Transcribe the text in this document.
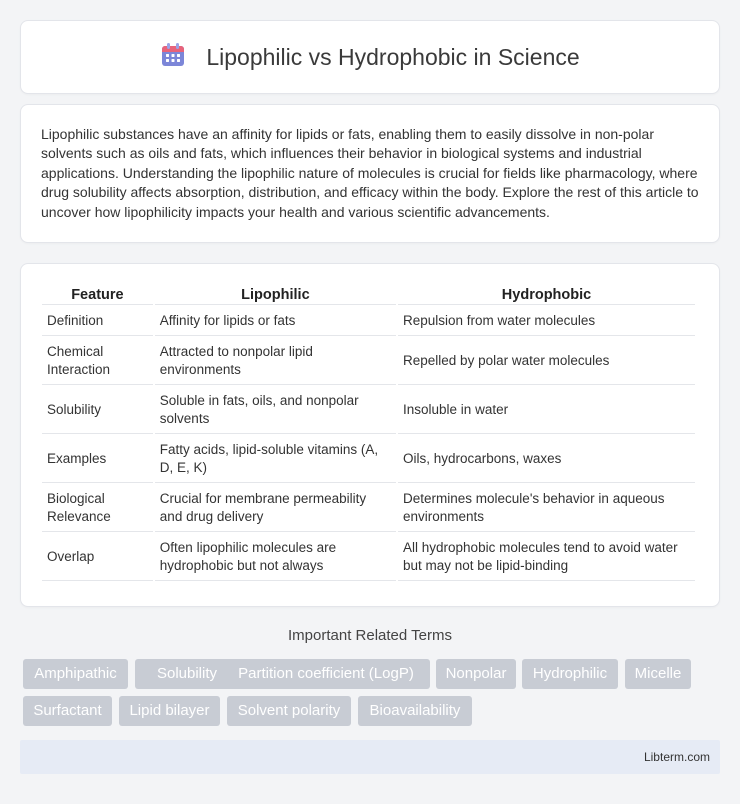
Lipophilic vs Hydrophobic in Science

Lipophilic substances have an affinity for lipids or fats, enabling them to easily dissolve in non-polar solvents such as oils and fats, which influences their behavior in biological systems and industrial applications. Understanding the lipophilic nature of molecules is crucial for fields like pharmacology, where drug solubility affects absorption, distribution, and efficacy within the body. Explore the rest of this article to uncover how lipophilicity impacts your health and various scientific advancements.

Feature	Lipophilic	Hydrophobic
Definition	Affinity for lipids or fats	Repulsion from water molecules
Chemical Interaction	Attracted to nonpolar lipid environments	Repelled by polar water molecules
Solubility	Soluble in fats, oils, and nonpolar solvents	Insoluble in water
Examples	Fatty acids, lipid-soluble vitamins (A, D, E, K)	Oils, hydrocarbons, waxes
Biological Relevance	Crucial for membrane permeability and drug delivery	Determines molecule's behavior in aqueous environments
Overlap	Often lipophilic molecules are hydrophobic but not always	All hydrophobic molecules tend to avoid water but may not be lipid-binding
Important Related Terms
Amphipathic	Solubility	Partition coefficient (LogP)	Nonpolar	Hydrophilic	Micelle
Surfactant	Lipid bilayer	Solvent polarity	Bioavailability
Libterm.com
